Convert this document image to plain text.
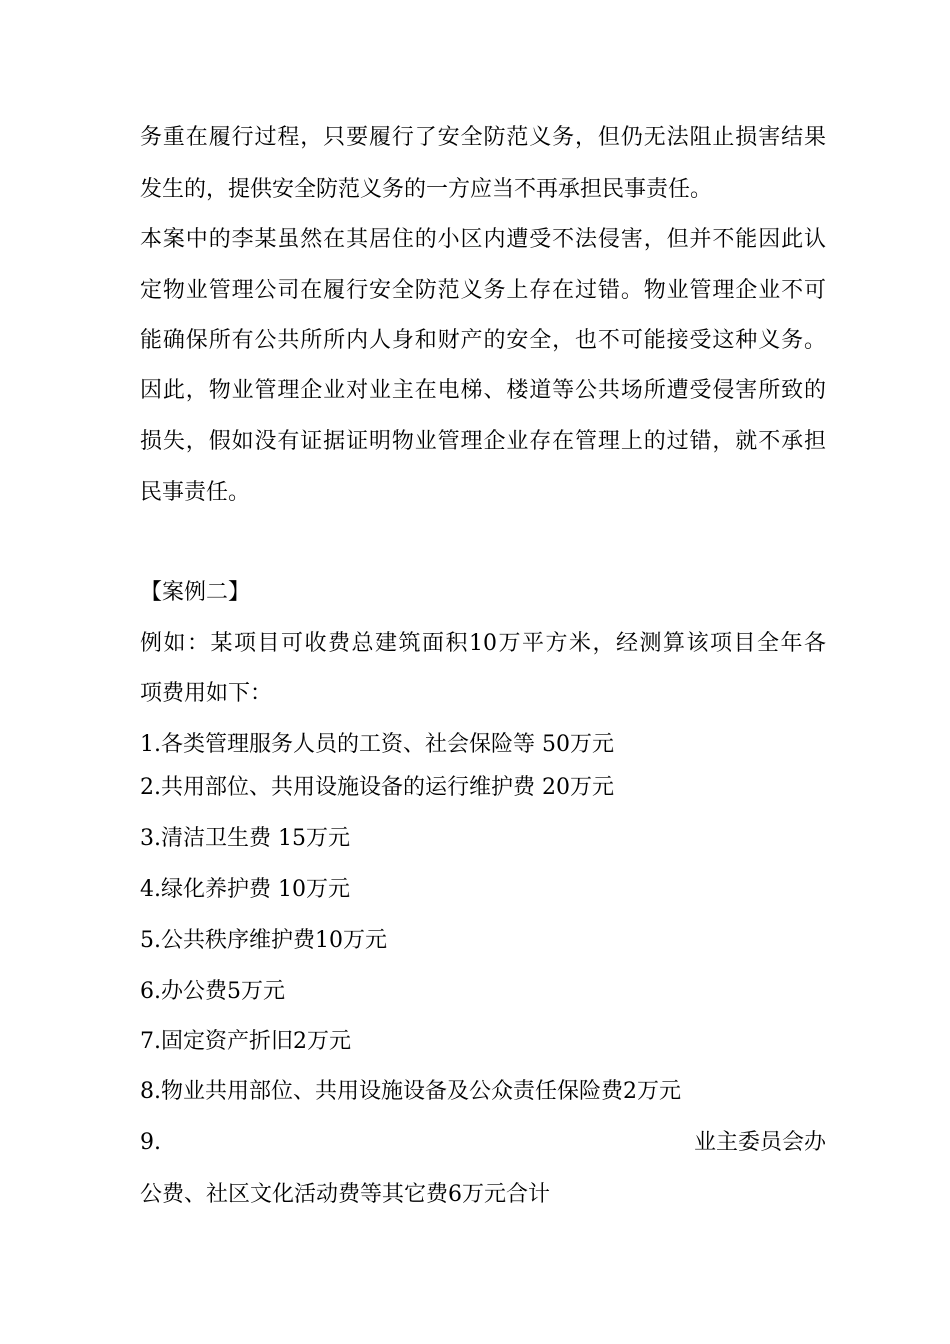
务重在履行过程，只要履行了安全防范义务，但仍无法阻止损害结果
发生的，提供安全防范义务的一方应当不再承担民事责任。
本案中的李某虽然在其居住的小区内遭受不法侵害，但并不能因此认
定物业管理公司在履行安全防范义务上存在过错。物业管理企业不可
能确保所有公共所所内人身和财产的安全，也不可能接受这种义务。
因此，物业管理企业对业主在电梯、楼道等公共场所遭受侵害所致的
损失，假如没有证据证明物业管理企业存在管理上的过错，就不承担
民事责任。
【案例二】
例如：某项目可收费总建筑面积10万平方米，经测算该项目全年各
项费用如下：
1.各类管理服务人员的工资、社会保险等 50万元
2.共用部位、共用设施设备的运行维护费 20万元
3.清洁卫生费 15万元
4.绿化养护费 10万元
5.公共秩序维护费10万元
6.办公费5万元
7.固定资产折旧2万元
8.物业共用部位、共用设施设备及公众责任保险费2万元
9.	业主委员会办
公费、社区文化活动费等其它费6万元合计
